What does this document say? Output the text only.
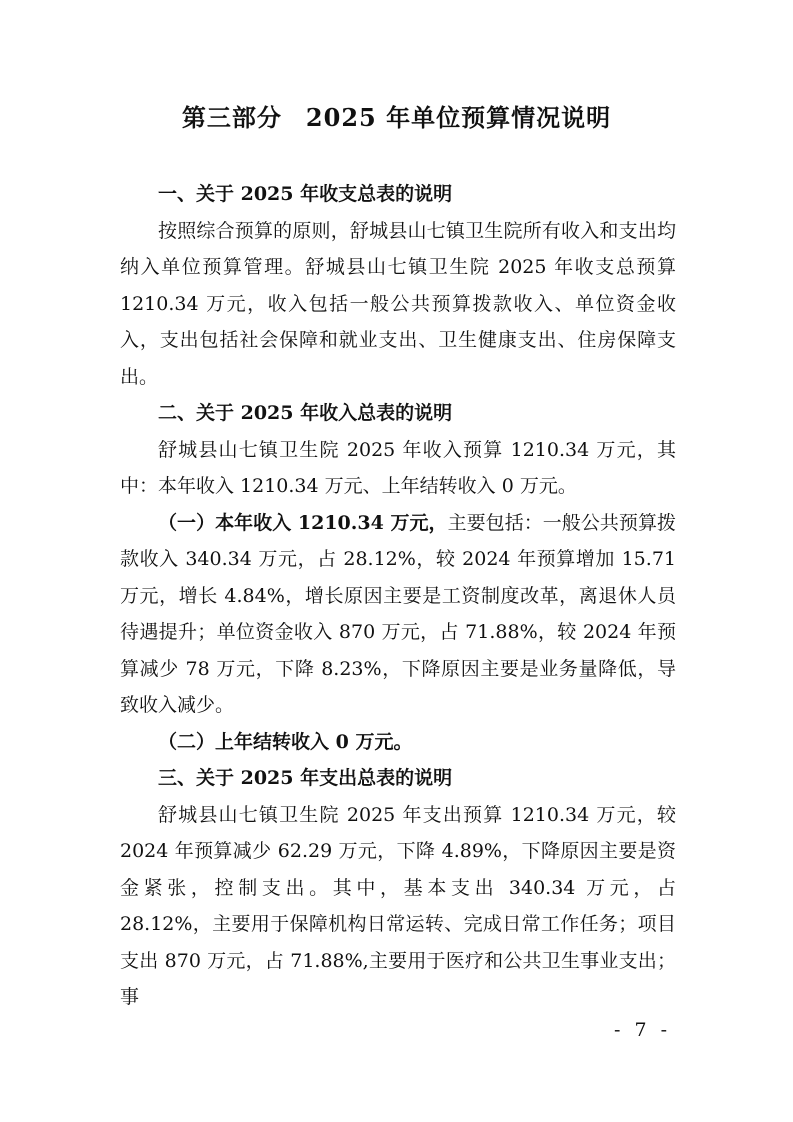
第三部分 2025 年单位预算情况说明

一、关于 2025 年收支总表的说明

按照综合预算的原则，舒城县山七镇卫生院所有收入和支出均纳入单位预算管理。舒城县山七镇卫生院 2025 年收支总预算 1210.34 万元，收入包括一般公共预算拨款收入、单位资金收入，支出包括社会保障和就业支出、卫生健康支出、住房保障支出。

二、关于 2025 年收入总表的说明

舒城县山七镇卫生院 2025 年收入预算 1210.34 万元，其中：本年收入 1210.34 万元、上年结转收入 0 万元。

（一）本年收入 1210.34 万元，主要包括：一般公共预算拨款收入 340.34 万元，占 28.12%，较 2024 年预算增加 15.71 万元，增长 4.84%，增长原因主要是工资制度改革，离退休人员待遇提升；单位资金收入 870 万元，占 71.88%，较 2024 年预算减少 78 万元，下降 8.23%，下降原因主要是业务量降低，导致收入减少。

（二）上年结转收入 0 万元。

三、关于 2025 年支出总表的说明

舒城县山七镇卫生院 2025 年支出预算 1210.34 万元，较 2024 年预算减少 62.29 万元，下降 4.89%，下降原因主要是资金紧张，控制支出。其中，基本支出 340.34 万元，占 28.12%，主要用于保障机构日常运转、完成日常工作任务；项目支出 870 万元，占 71.88%,主要用于医疗和公共卫生事业支出；事

- 7 -
